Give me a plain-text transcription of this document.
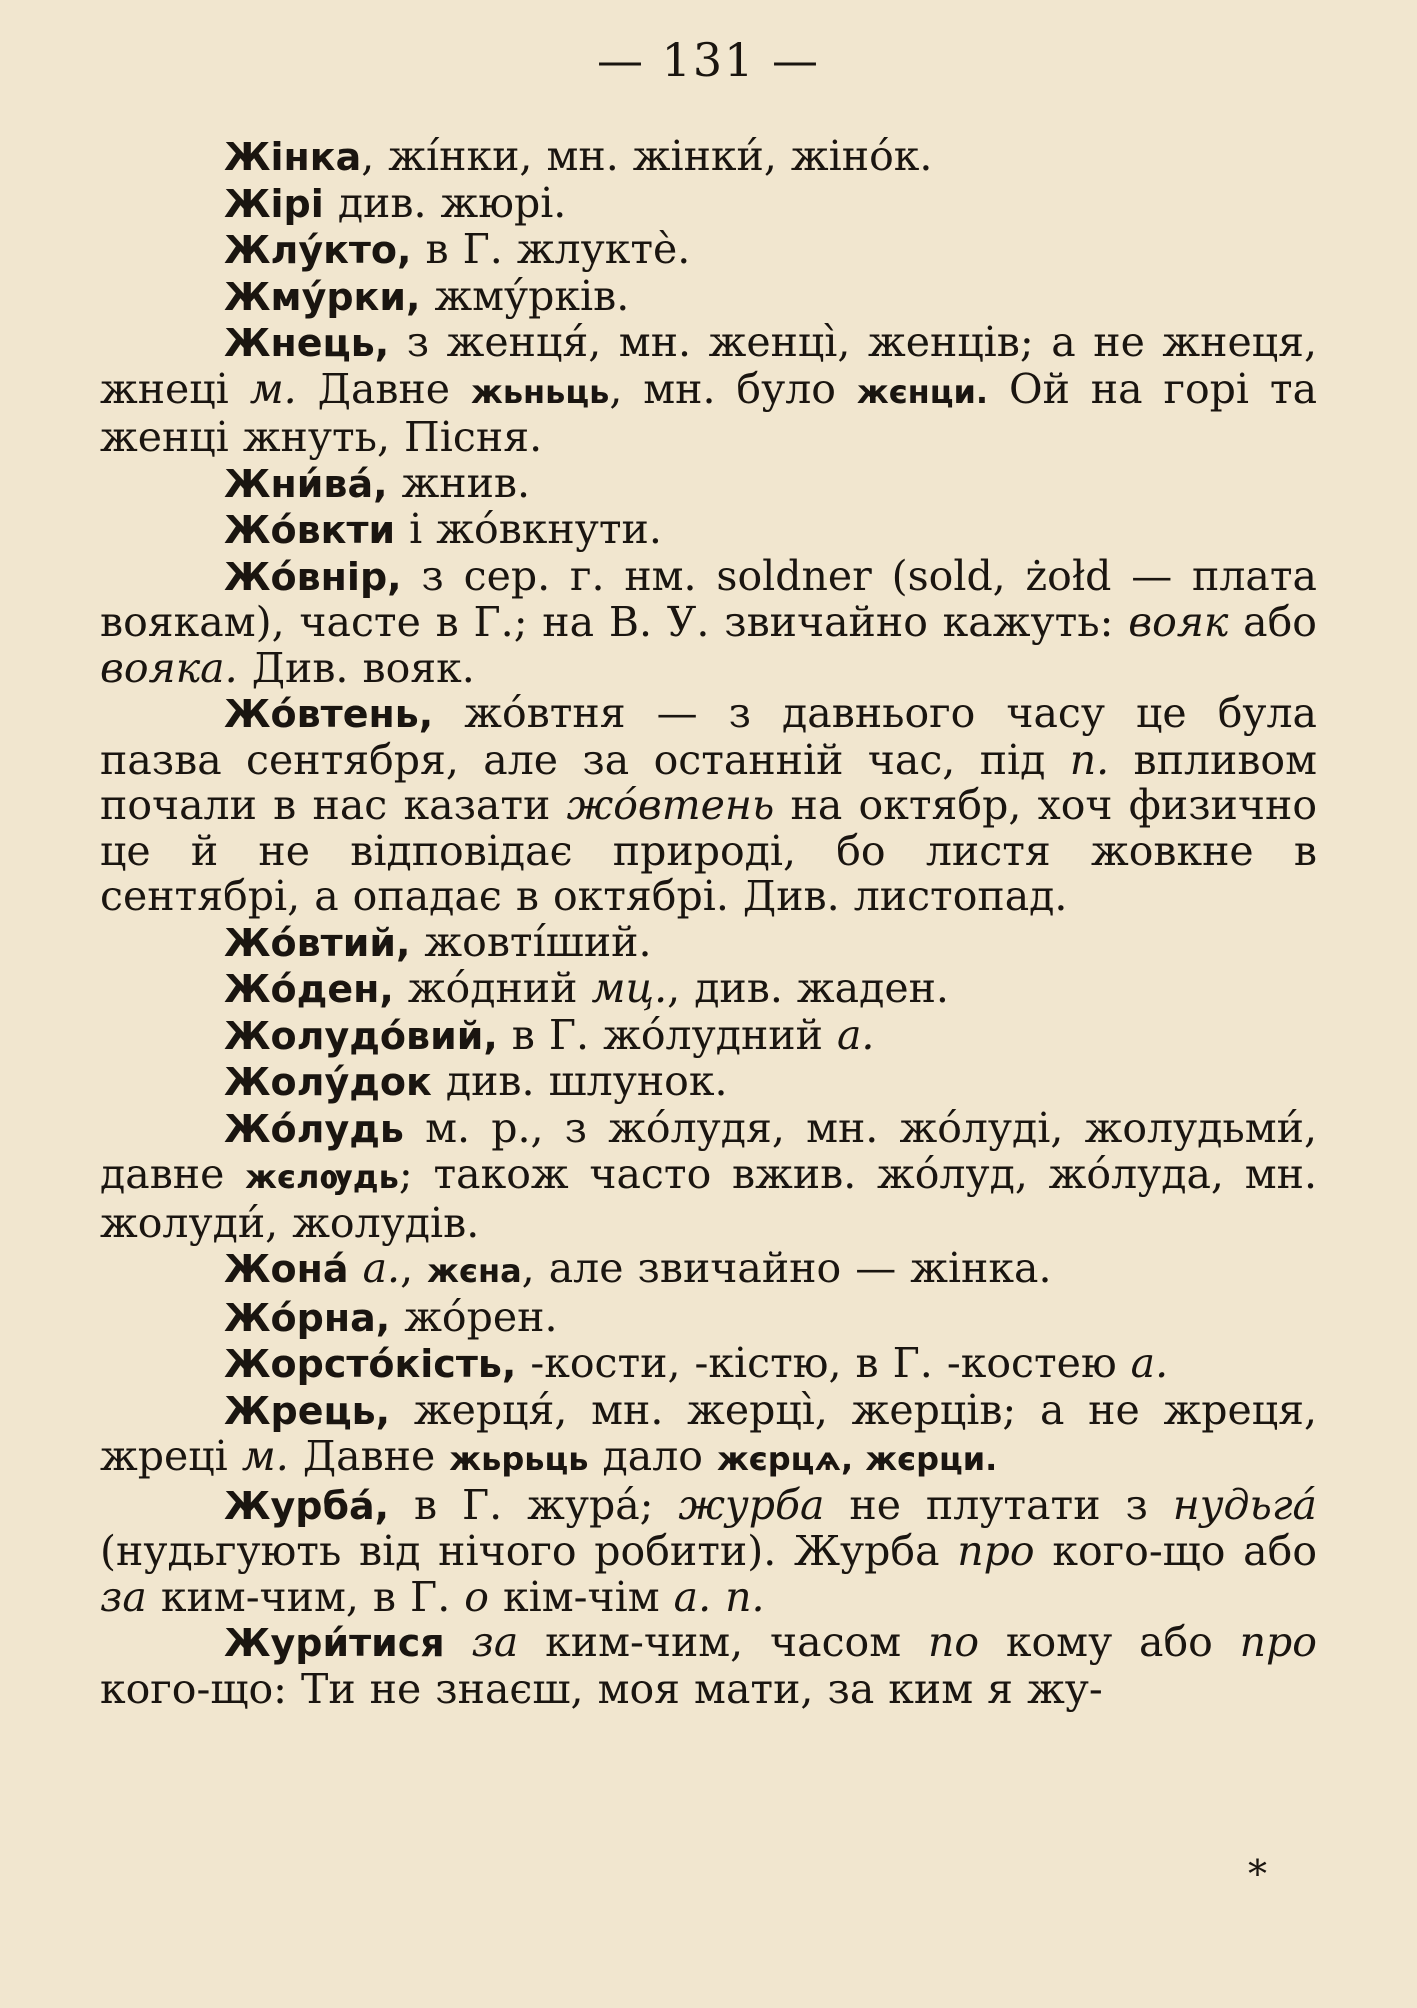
— 131 —

Жінка, жі́нки, мн. жінки́, жіно́к.

Жірі див. жюрі.

Жлу́кто, в Г. жлуктѐ.

Жму́рки, жму́рків.

Жнець, з женця́, мн. женці̀, женців; а не жнеця, жнеці м. Давне жьньць, мн. було жєнци. Ой на горі та женці жнуть, Пісня.

Жни́ва́, жнив.

Жо́вкти і жо́вкнути.

Жо́внір, з сер. г. нм. soldner (sold, żołd — плата воякам), часте в Г.; на В. У. звичайно кажуть: вояк або вояка. Див. вояк.

Жо́втень, жо́втня — з давнього часу це була пазва сентября, але за останній час, під п. впливом почали в нас казати жо́втень на октябр, хоч физично це й не відповідає природі, бо листя жовкне в сентябрі, а опадає в октябрі. Див. листопад.

Жо́втий, жовті́ший.

Жо́ден, жо́дний мц., див. жаден.

Жолудо́вий, в Г. жо́лудний а.

Жолу́док див. шлунок.

Жо́лудь м. р., з жо́лудя, мн. жо́луді, жолудьми́, давне жєлѹдь; також часто вжив. жо́луд, жо́луда, мн. жолуди́, жолудів.

Жона́ а., жєна, але звичайно — жінка.

Жо́рна, жо́рен.

Жорсто́кість, -кости, -кістю, в Г. -костею а.

Жрець, жерця́, мн. жерці̀, жерців; а не жреця, жреці м. Давне жьрьць дало жєрцѧ, жєрци.

Журба́, в Г. жура́; журба не плутати з нудьга́ (нудьгують від нічого робити). Журба про кого-що або за ким-чим, в Г. о кім-чім а. п.

Жури́тися за ким-чим, часом по кому або про кого-що: Ти не знаєш, моя мати, за ким я жу-

*
